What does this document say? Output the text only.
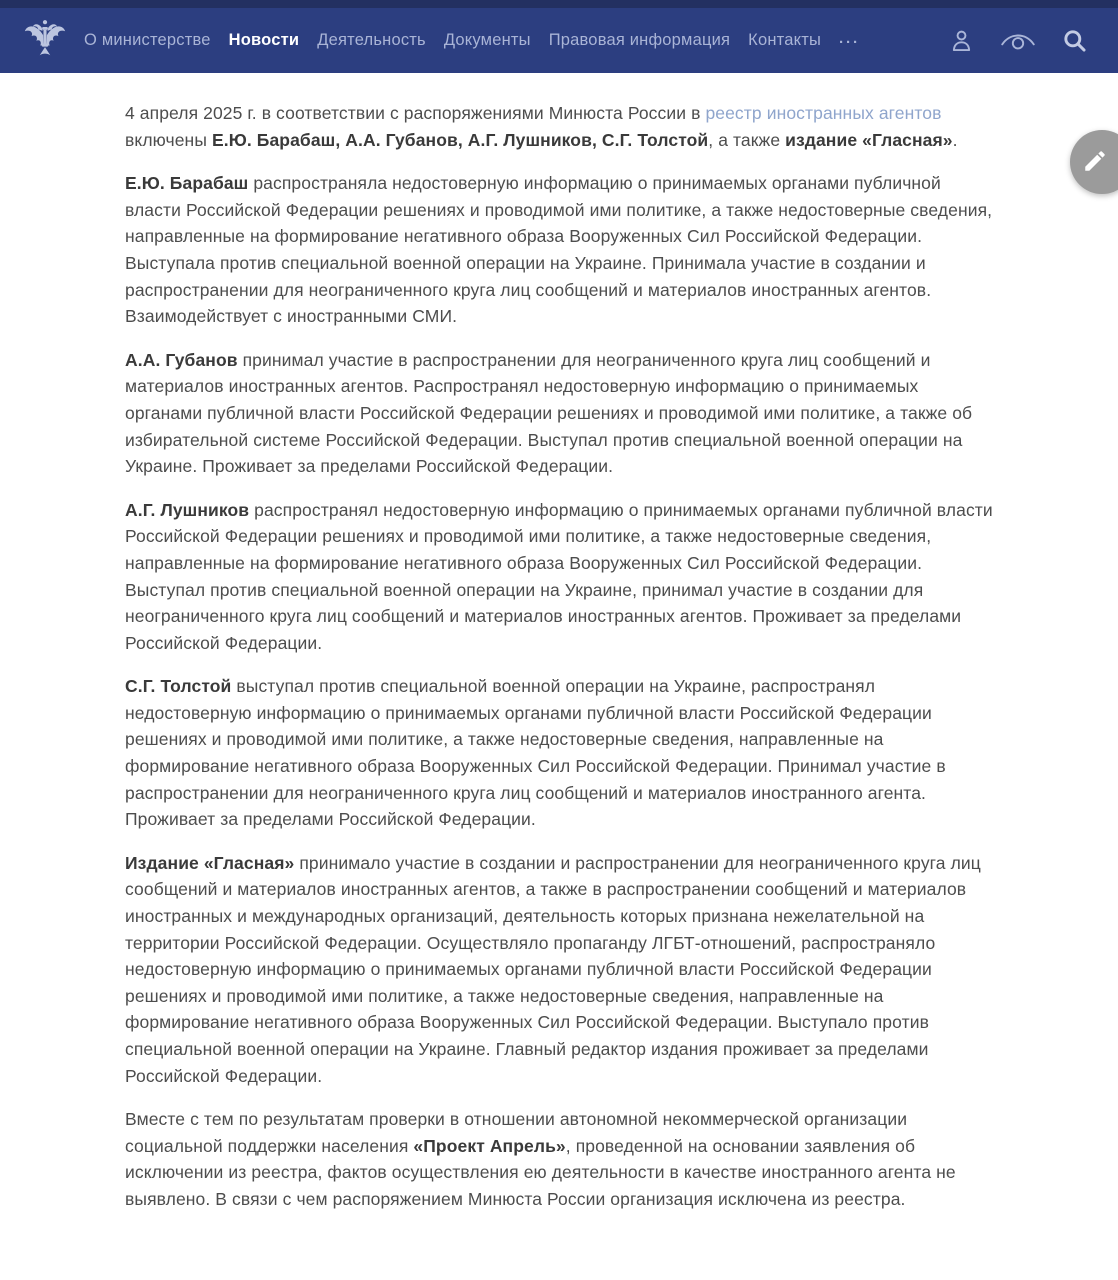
О министерстве Новости Деятельность Документы Правовая информация Контакты ···

4 апреля 2025 г. в соответствии с распоряжениями Минюста России в реестр иностранных агентов включены Е.Ю. Барабаш, А.А. Губанов, А.Г. Лушников, С.Г. Толстой, а также издание «Гласная».

Е.Ю. Барабаш распространяла недостоверную информацию о принимаемых органами публичной власти Российской Федерации решениях и проводимой ими политике, а также недостоверные сведения, направленные на формирование негативного образа Вооруженных Сил Российской Федерации. Выступала против специальной военной операции на Украине. Принимала участие в создании и распространении для неограниченного круга лиц сообщений и материалов иностранных агентов. Взаимодействует с иностранными СМИ.

А.А. Губанов принимал участие в распространении для неограниченного круга лиц сообщений и материалов иностранных агентов. Распространял недостоверную информацию о принимаемых органами публичной власти Российской Федерации решениях и проводимой ими политике, а также об избирательной системе Российской Федерации. Выступал против специальной военной операции на Украине. Проживает за пределами Российской Федерации.

А.Г. Лушников распространял недостоверную информацию о принимаемых органами публичной власти Российской Федерации решениях и проводимой ими политике, а также недостоверные сведения, направленные на формирование негативного образа Вооруженных Сил Российской Федерации. Выступал против специальной военной операции на Украине, принимал участие в создании для неограниченного круга лиц сообщений и материалов иностранных агентов. Проживает за пределами Российской Федерации.

С.Г. Толстой выступал против специальной военной операции на Украине, распространял недостоверную информацию о принимаемых органами публичной власти Российской Федерации решениях и проводимой ими политике, а также недостоверные сведения, направленные на формирование негативного образа Вооруженных Сил Российской Федерации. Принимал участие в распространении для неограниченного круга лиц сообщений и материалов иностранного агента. Проживает за пределами Российской Федерации.

Издание «Гласная» принимало участие в создании и распространении для неограниченного круга лиц сообщений и материалов иностранных агентов, а также в распространении сообщений и материалов иностранных и международных организаций, деятельность которых признана нежелательной на территории Российской Федерации. Осуществляло пропаганду ЛГБТ-отношений, распространяло недостоверную информацию о принимаемых органами публичной власти Российской Федерации решениях и проводимой ими политике, а также недостоверные сведения, направленные на формирование негативного образа Вооруженных Сил Российской Федерации. Выступало против специальной военной операции на Украине. Главный редактор издания проживает за пределами Российской Федерации.

Вместе с тем по результатам проверки в отношении автономной некоммерческой организации социальной поддержки населения «Проект Апрель», проведенной на основании заявления об исключении из реестра, фактов осуществления ею деятельности в качестве иностранного агента не выявлено. В связи с чем распоряжением Минюста России организация исключена из реестра.
